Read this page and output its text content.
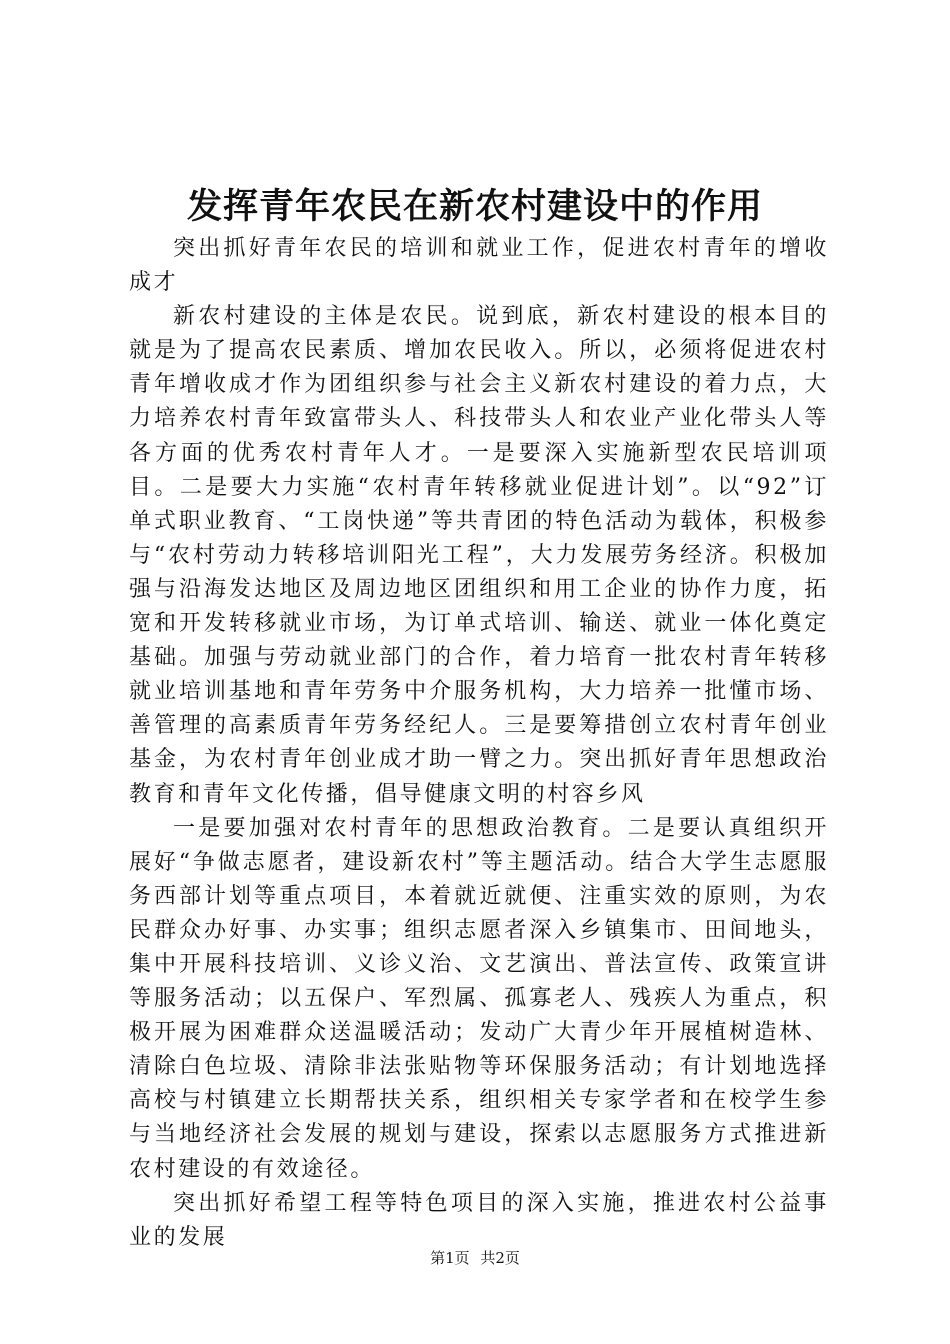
发挥青年农民在新农村建设中的作用

突出抓好青年农民的培训和就业工作，促进农村青年的增收成才

新农村建设的主体是农民。说到底，新农村建设的根本目的就是为了提高农民素质、增加农民收入。所以，必须将促进农村青年增收成才作为团组织参与社会主义新农村建设的着力点，大力培养农村青年致富带头人、科技带头人和农业产业化带头人等各方面的优秀农村青年人才。一是要深入实施新型农民培训项目。二是要大力实施“农村青年转移就业促进计划”。以“92”订单式职业教育、“工岗快递”等共青团的特色活动为载体，积极参与“农村劳动力转移培训阳光工程”，大力发展劳务经济。积极加强与沿海发达地区及周边地区团组织和用工企业的协作力度，拓宽和开发转移就业市场，为订单式培训、输送、就业一体化奠定基础。加强与劳动就业部门的合作，着力培育一批农村青年转移就业培训基地和青年劳务中介服务机构，大力培养一批懂市场、善管理的高素质青年劳务经纪人。三是要筹措创立农村青年创业基金，为农村青年创业成才助一臂之力。突出抓好青年思想政治教育和青年文化传播，倡导健康文明的村容乡风

一是要加强对农村青年的思想政治教育。二是要认真组织开展好“争做志愿者，建设新农村”等主题活动。结合大学生志愿服务西部计划等重点项目，本着就近就便、注重实效的原则，为农民群众办好事、办实事；组织志愿者深入乡镇集市、田间地头，集中开展科技培训、义诊义治、文艺演出、普法宣传、政策宣讲等服务活动；以五保户、军烈属、孤寡老人、残疾人为重点，积极开展为困难群众送温暖活动；发动广大青少年开展植树造林、清除白色垃圾、清除非法张贴物等环保服务活动；有计划地选择高校与村镇建立长期帮扶关系，组织相关专家学者和在校学生参与当地经济社会发展的规划与建设，探索以志愿服务方式推进新农村建设的有效途径。

突出抓好希望工程等特色项目的深入实施，推进农村公益事业的发展

第1页 共2页
